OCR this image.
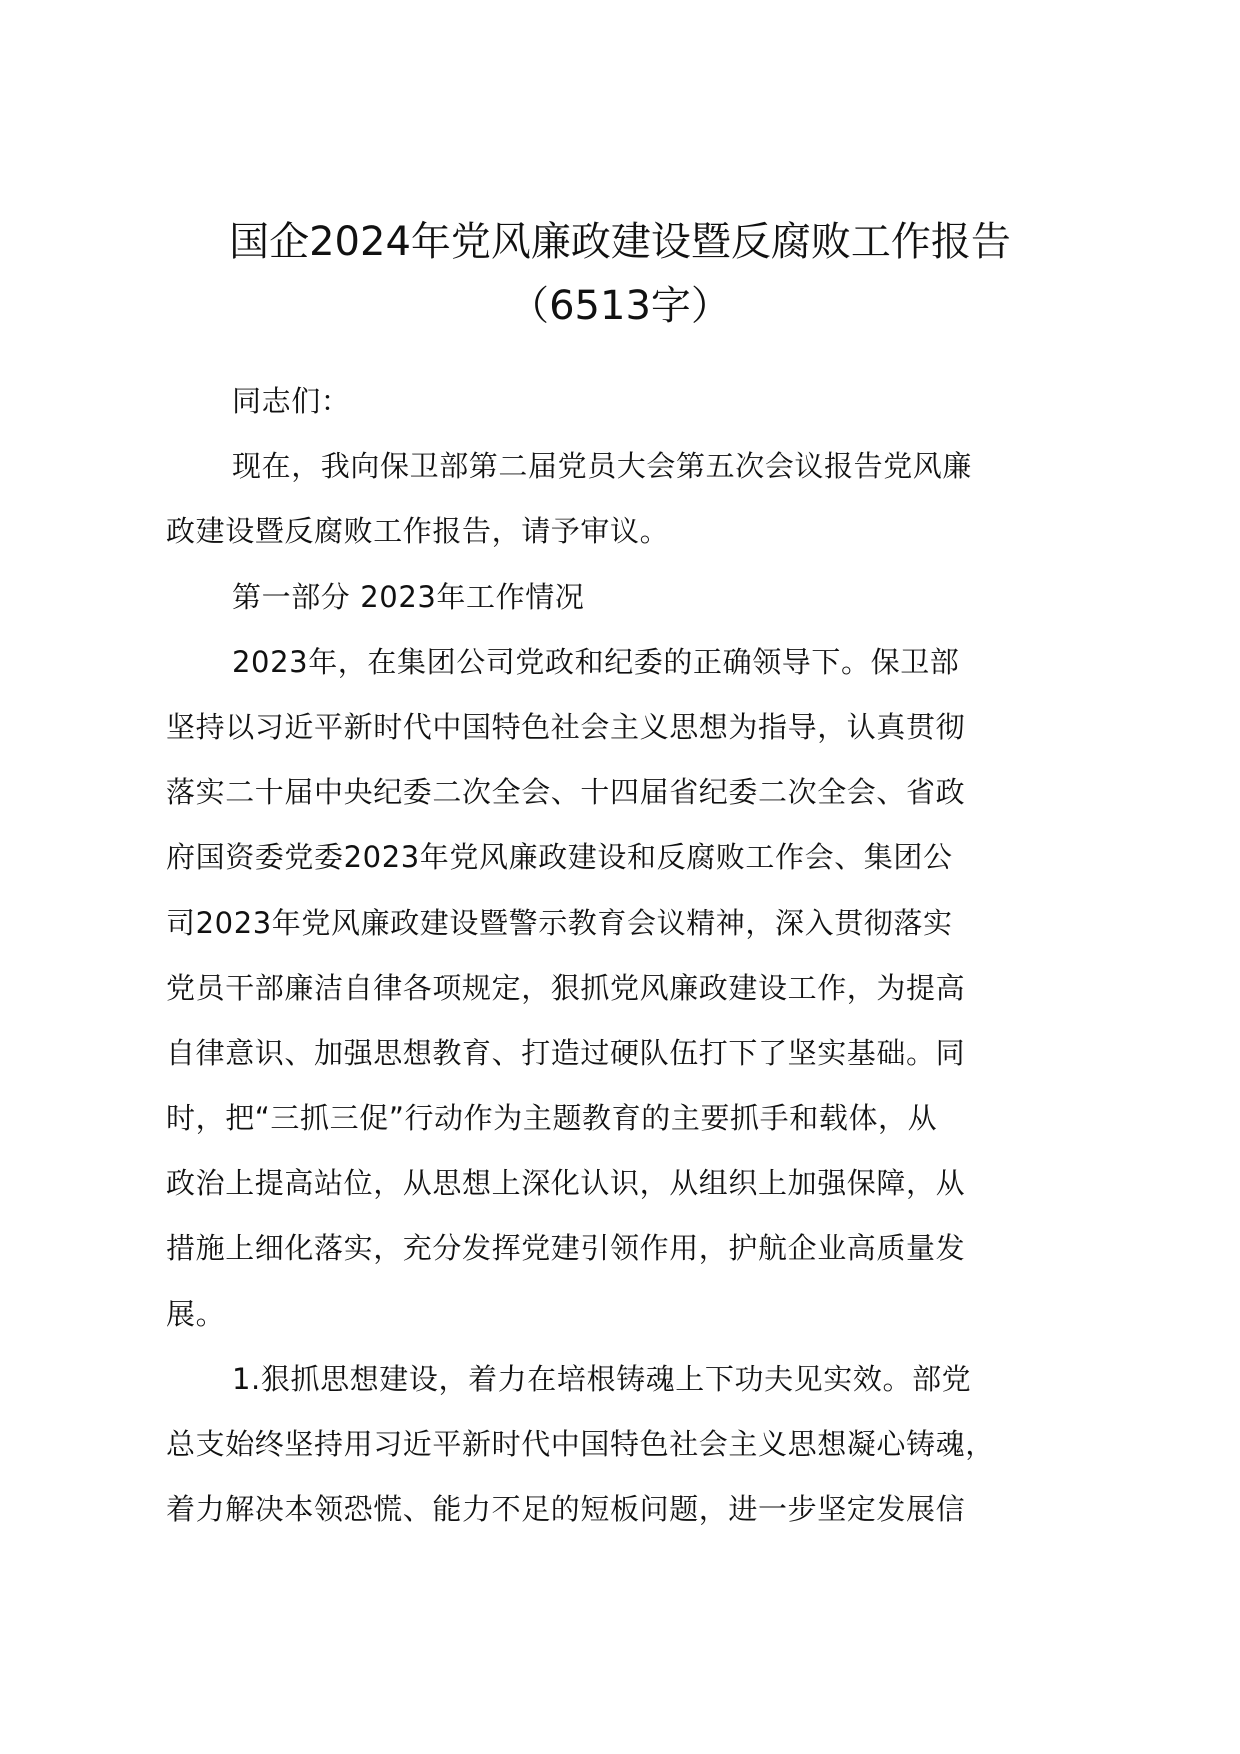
国企2024年党风廉政建设暨反腐败工作报告
（6513字）
同志们：
现在，我向保卫部第二届党员大会第五次会议报告党风廉
政建设暨反腐败工作报告，请予审议。
第一部分 2023年工作情况
2023年，在集团公司党政和纪委的正确领导下。保卫部
坚持以习近平新时代中国特色社会主义思想为指导，认真贯彻
落实二十届中央纪委二次全会、十四届省纪委二次全会、省政
府国资委党委2023年党风廉政建设和反腐败工作会、集团公
司2023年党风廉政建设暨警示教育会议精神，深入贯彻落实
党员干部廉洁自律各项规定，狠抓党风廉政建设工作，为提高
自律意识、加强思想教育、打造过硬队伍打下了坚实基础。同
时，把“三抓三促”行动作为主题教育的主要抓手和载体，从
政治上提高站位，从思想上深化认识，从组织上加强保障，从
措施上细化落实，充分发挥党建引领作用，护航企业高质量发
展。
1.狠抓思想建设，着力在培根铸魂上下功夫见实效。部党
总支始终坚持用习近平新时代中国特色社会主义思想凝心铸魂，
着力解决本领恐慌、能力不足的短板问题，进一步坚定发展信
